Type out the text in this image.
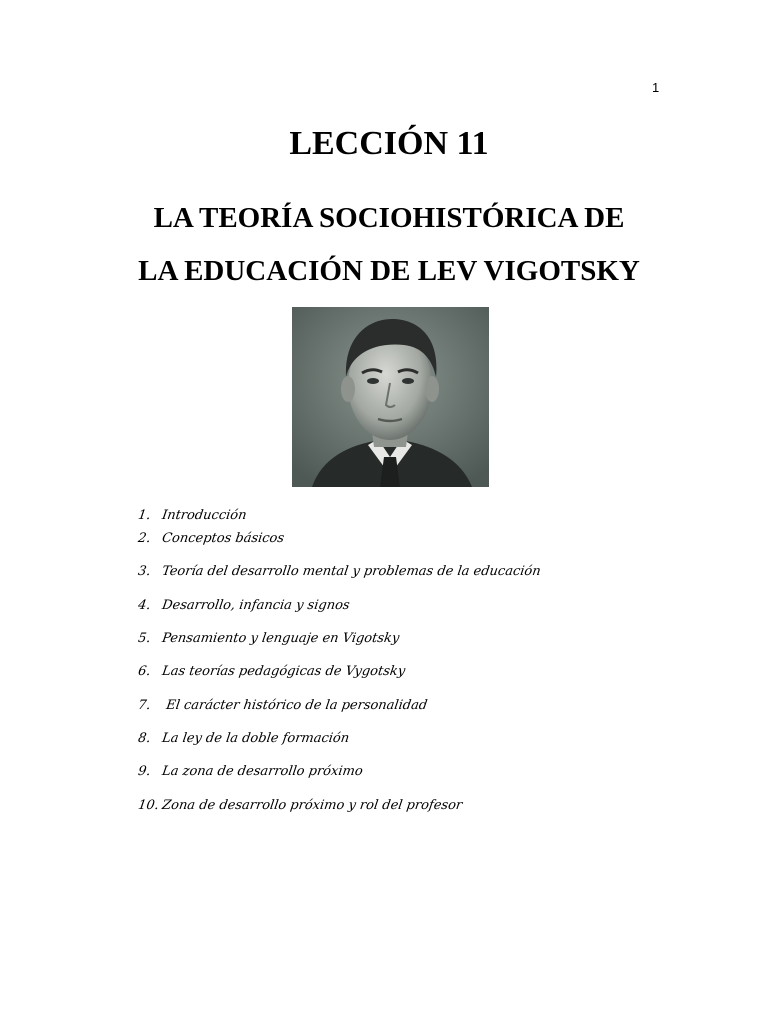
1
LECCIÓN 11
LA TEORÍA SOCIOHISTÓRICA DE
LA EDUCACIÓN DE LEV VIGOTSKY
1. Introducción
2. Conceptos básicos
3. Teoría del desarrollo mental y problemas de la educación
4. Desarrollo, infancia y signos
5. Pensamiento y lenguaje en Vigotsky
6. Las teorías pedagógicas de Vygotsky
7. El carácter histórico de la personalidad
8. La ley de la doble formación
9. La zona de desarrollo próximo
10.Zona de desarrollo próximo y rol del profesor
